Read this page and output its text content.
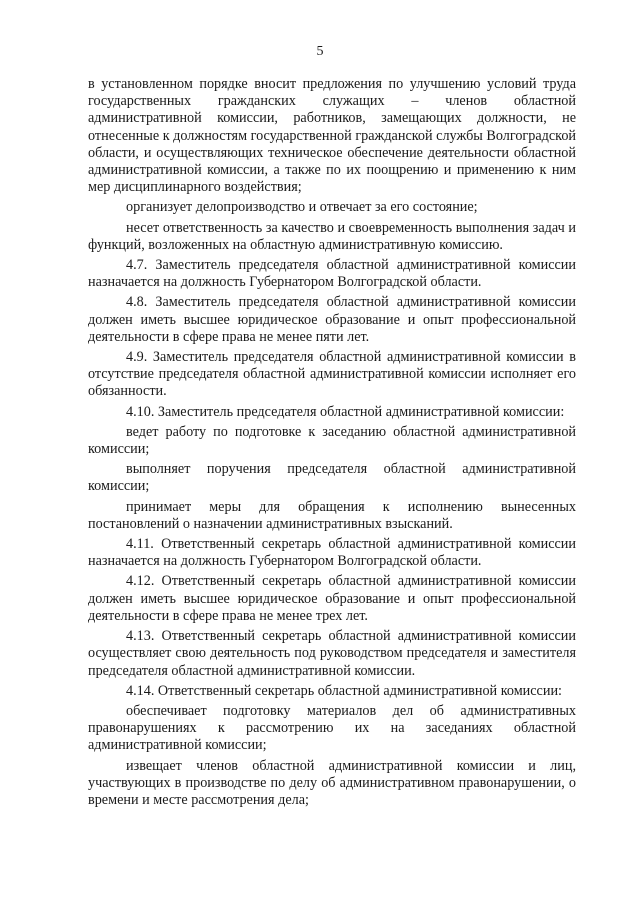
5

в установленном порядке вносит предложения по улучшению условий труда государственных гражданских служащих – членов областной административной комиссии, работников, замещающих должности, не отнесенные к должностям государственной гражданской службы Волгоградской области, и осуществляющих техническое обеспечение деятельности областной административной комиссии, а также по их поощрению и применению к ним мер дисциплинарного воздействия;

организует делопроизводство и отвечает за его состояние;

несет ответственность за качество и своевременность выполнения задач и функций, возложенных на областную административную комиссию.

4.7. Заместитель председателя областной административной комиссии назначается на должность Губернатором Волгоградской области.

4.8. Заместитель председателя областной административной комиссии должен иметь высшее юридическое образование и опыт профессиональной деятельности в сфере права не менее пяти лет.

4.9. Заместитель председателя областной административной комиссии в отсутствие председателя областной административной комиссии исполняет его обязанности.

4.10. Заместитель председателя областной административной комиссии:

ведет работу по подготовке к заседанию областной административной комиссии;

выполняет поручения председателя областной административной комиссии;

принимает меры для обращения к исполнению вынесенных постановлений о назначении административных взысканий.

4.11. Ответственный секретарь областной административной комиссии назначается на должность Губернатором Волгоградской области.

4.12. Ответственный секретарь областной административной комиссии должен иметь высшее юридическое образование и опыт профессиональной деятельности в сфере права не менее трех лет.

4.13. Ответственный секретарь областной административной комиссии осуществляет свою деятельность под руководством председателя и заместителя председателя областной административной комиссии.

4.14. Ответственный секретарь областной административной комиссии:

обеспечивает подготовку материалов дел об административных правонарушениях к рассмотрению их на заседаниях областной административной комиссии;

извещает членов областной административной комиссии и лиц, участвующих в производстве по делу об административном правонарушении, о времени и месте рассмотрения дела;
